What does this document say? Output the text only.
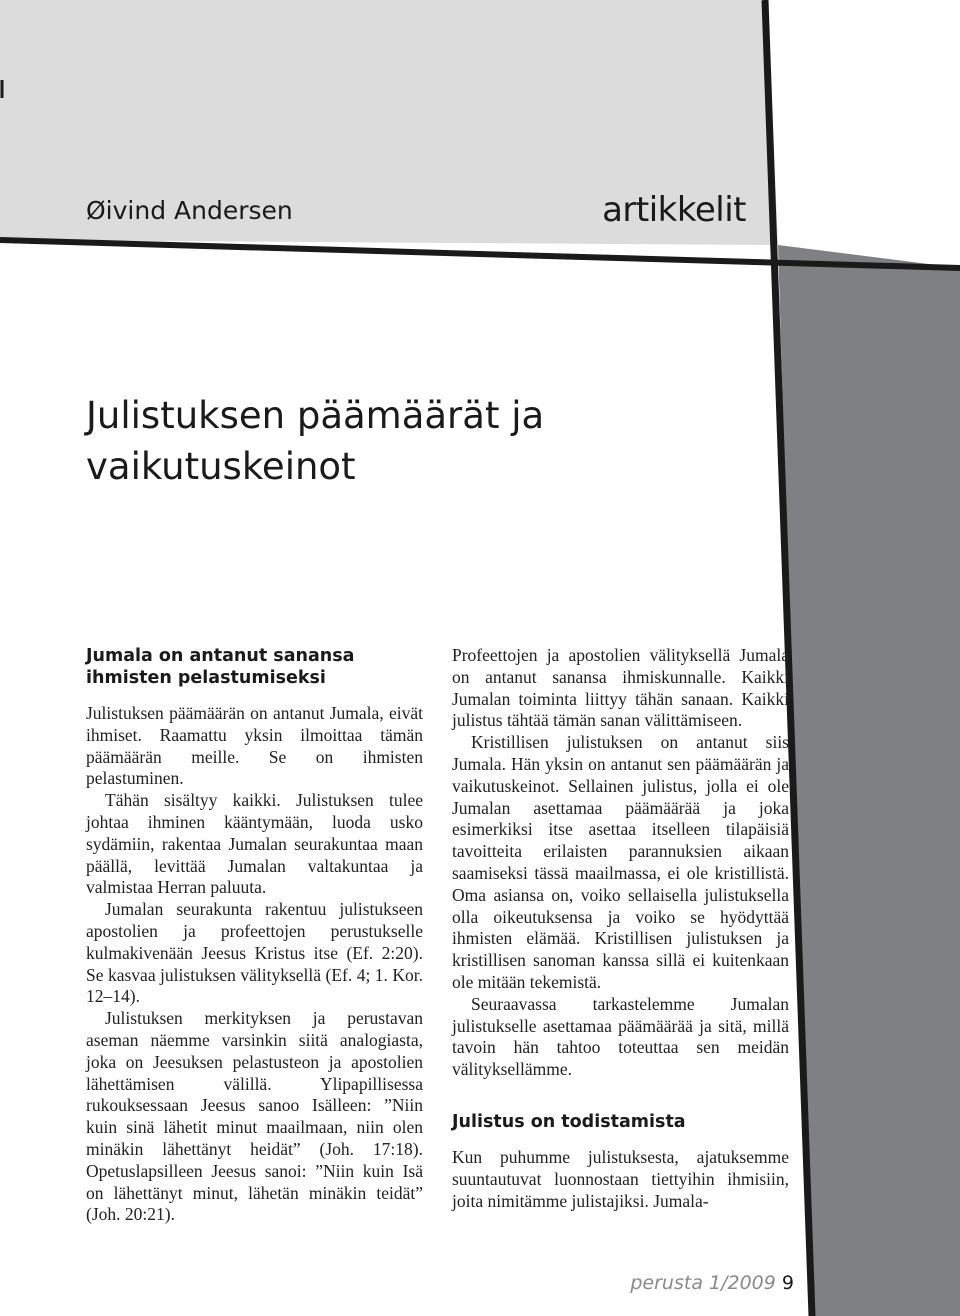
Øivind Andersen	artikkelit
Julistuksen päämäärät ja
vaikutuskeinot
Jumala on antanut sanansa
ihmisten pelastumiseksi

Julistuksen päämäärän on antanut Jumala, eivät ihmiset. Raamattu yksin ilmoittaa tämän päämäärän meille. Se on ihmisten pelastuminen.

Tähän sisältyy kaikki. Julistuksen tulee johtaa ihminen kääntymään, luoda usko sydämiin, rakentaa Jumalan seurakuntaa maan päällä, levittää Jumalan valtakuntaa ja valmistaa Herran paluuta.

Jumalan seurakunta rakentuu julistukseen apostolien ja profeettojen perustukselle kulmakivenään Jeesus Kristus itse (Ef. 2:20). Se kasvaa julistuksen välityksellä (Ef. 4; 1. Kor. 12–14).

Julistuksen merkityksen ja perustavan aseman näemme varsinkin siitä analogiasta, joka on Jeesuksen pelastusteon ja apostolien lähettämisen välillä. Ylipapillisessa rukouksessaan Jeesus sanoo Isälleen: ”Niin kuin sinä lähetit minut maailmaan, niin olen minäkin lähettänyt heidät” (Joh. 17:18). Opetuslapsilleen Jeesus sanoi: ”Niin kuin Isä on lähettänyt minut, lähetän minäkin teidät” (Joh. 20:21).

Profeettojen ja apostolien välityksellä Jumala on antanut sanansa ihmiskunnalle. Kaikki Jumalan toiminta liittyy tähän sanaan. Kaikki julistus tähtää tämän sanan välittämiseen.

Kristillisen julistuksen on antanut siis Jumala. Hän yksin on antanut sen päämäärän ja vaikutuskeinot. Sellainen julistus, jolla ei ole Jumalan asettamaa päämäärää ja joka esimerkiksi itse asettaa itselleen tilapäisiä tavoitteita erilaisten parannuksien aikaan saamiseksi tässä maailmassa, ei ole kristillistä. Oma asiansa on, voiko sellaisella julistuksella olla oikeutuksensa ja voiko se hyödyttää ihmisten elämää. Kristillisen julistuksen ja kristillisen sanoman kanssa sillä ei kuitenkaan ole mitään tekemistä.

Seuraavassa tarkastelemme Jumalan julistukselle asettamaa päämäärää ja sitä, millä tavoin hän tahtoo toteuttaa sen meidän välityksellämme.

Julistus on todistamista

Kun puhumme julistuksesta, ajatuksemme suuntautuvat luonnostaan tiettyihin ihmisiin, joita nimitämme julistajiksi. Jumala-

perusta 1/2009 9
